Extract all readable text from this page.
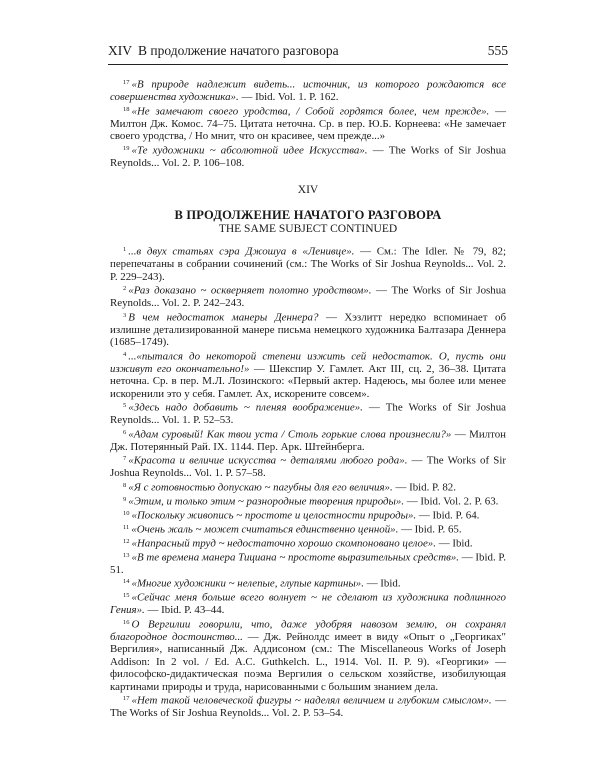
XIV В продолжение начатого разговора	555

$^{17}$ «В природе надлежит видеть... источник, из которого рождаются все совершенства художника». — Ibid. Vol. 1. P. 162.

$^{18}$ «Не замечают своего уродства, / Собой гордятся более, чем прежде». — Милтон Дж. Комос. 74–75. Цитата неточна. Ср. в пер. Ю.Б. Корнеева: «Не замечает своего уродства, / Но мнит, что он красивее, чем прежде...»

$^{19}$ «Те художники ~ абсолютной идее Искусства». — The Works of Sir Joshua Reynolds... Vol. 2. P. 106–108.

XIV
В ПРОДОЛЖЕНИЕ НАЧАТОГО РАЗГОВОРА
THE SAME SUBJECT CONTINUED

$^1$ ...в двух статьях сэра Джошуа в «Ленивце». — См.: The Idler. № 79, 82; перепечатаны в собрании сочинений (см.: The Works of Sir Joshua Reynolds... Vol. 2. P. 229–243).

$^2$ «Раз доказано ~ оскверняет полотно уродством». — The Works of Sir Joshua Reynolds... Vol. 2. P. 242–243.

$^3$ В чем недостаток манеры Деннера? — Хэзлитт нередко вспоминает об излишне детализированной манере письма немецкого художника Балтазара Деннера (1685–1749).

$^4$ ...«пытался до некоторой степени изжить сей недостаток. О, пусть они изживут его окончательно!» — Шекспир У. Гамлет. Акт III, сц. 2, 36–38. Цитата неточна. Ср. в пер. М.Л. Лозинского: «Первый актер. Надеюсь, мы более или менее искоренили это у себя. Гамлет. Ах, искорените совсем».

$^5$ «Здесь надо добавить ~ пленяя воображение». — The Works of Sir Joshua Reynolds... Vol. 1. P. 52–53.

$^6$ «Адам суровый! Как твои уста / Столь горькие слова произнесли?» — Милтон Дж. Потерянный Рай. IX. 1144. Пер. Арк. Штейнберга.

$^7$ «Красота и величие искусства ~ деталями любого рода». — The Works of Sir Joshua Reynolds... Vol. 1. P. 57–58.

$^8$ «Я с готовностью допускаю ~ пагубны для его величия». — Ibid. P. 82.

$^9$ «Этим, и только этим ~ разнородные творения природы». — Ibid. Vol. 2. P. 63.

$^{10}$ «Поскольку живопись ~ простоте и целостности природы». — Ibid. P. 64.

$^{11}$ «Очень жаль ~ может считаться единственно ценной». — Ibid. P. 65.

$^{12}$ «Напрасный труд ~ недостаточно хорошо скомпоновано целое». — Ibid.

$^{13}$ «В те времена манера Тициана ~ простоте выразительных средств». — Ibid. P. 51.

$^{14}$ «Многие художники ~ нелепые, глупые картины». — Ibid.

$^{15}$ «Сейчас меня больше всего волнует ~ не сделают из художника подлинного Гения». — Ibid. P. 43–44.

$^{16}$ О Вергилии говорили, что, даже удобряя навозом землю, он сохранял благородное достоинство... — Дж. Рейнолдс имеет в виду «Опыт о „Георгиках" Вергилия», написанный Дж. Аддисоном (см.: The Miscellaneous Works of Joseph Addison: In 2 vol. / Ed. A.C. Guthkelch. L., 1914. Vol. II. P. 9). «Георгики» — философско-дидактическая поэма Вергилия о сельском хозяйстве, изобилующая картинами природы и труда, нарисованными с большим знанием дела.

$^{17}$ «Нет такой человеческой фигуры ~ наделял величием и глубоким смыслом». — The Works of Sir Joshua Reynolds... Vol. 2. P. 53–54.
